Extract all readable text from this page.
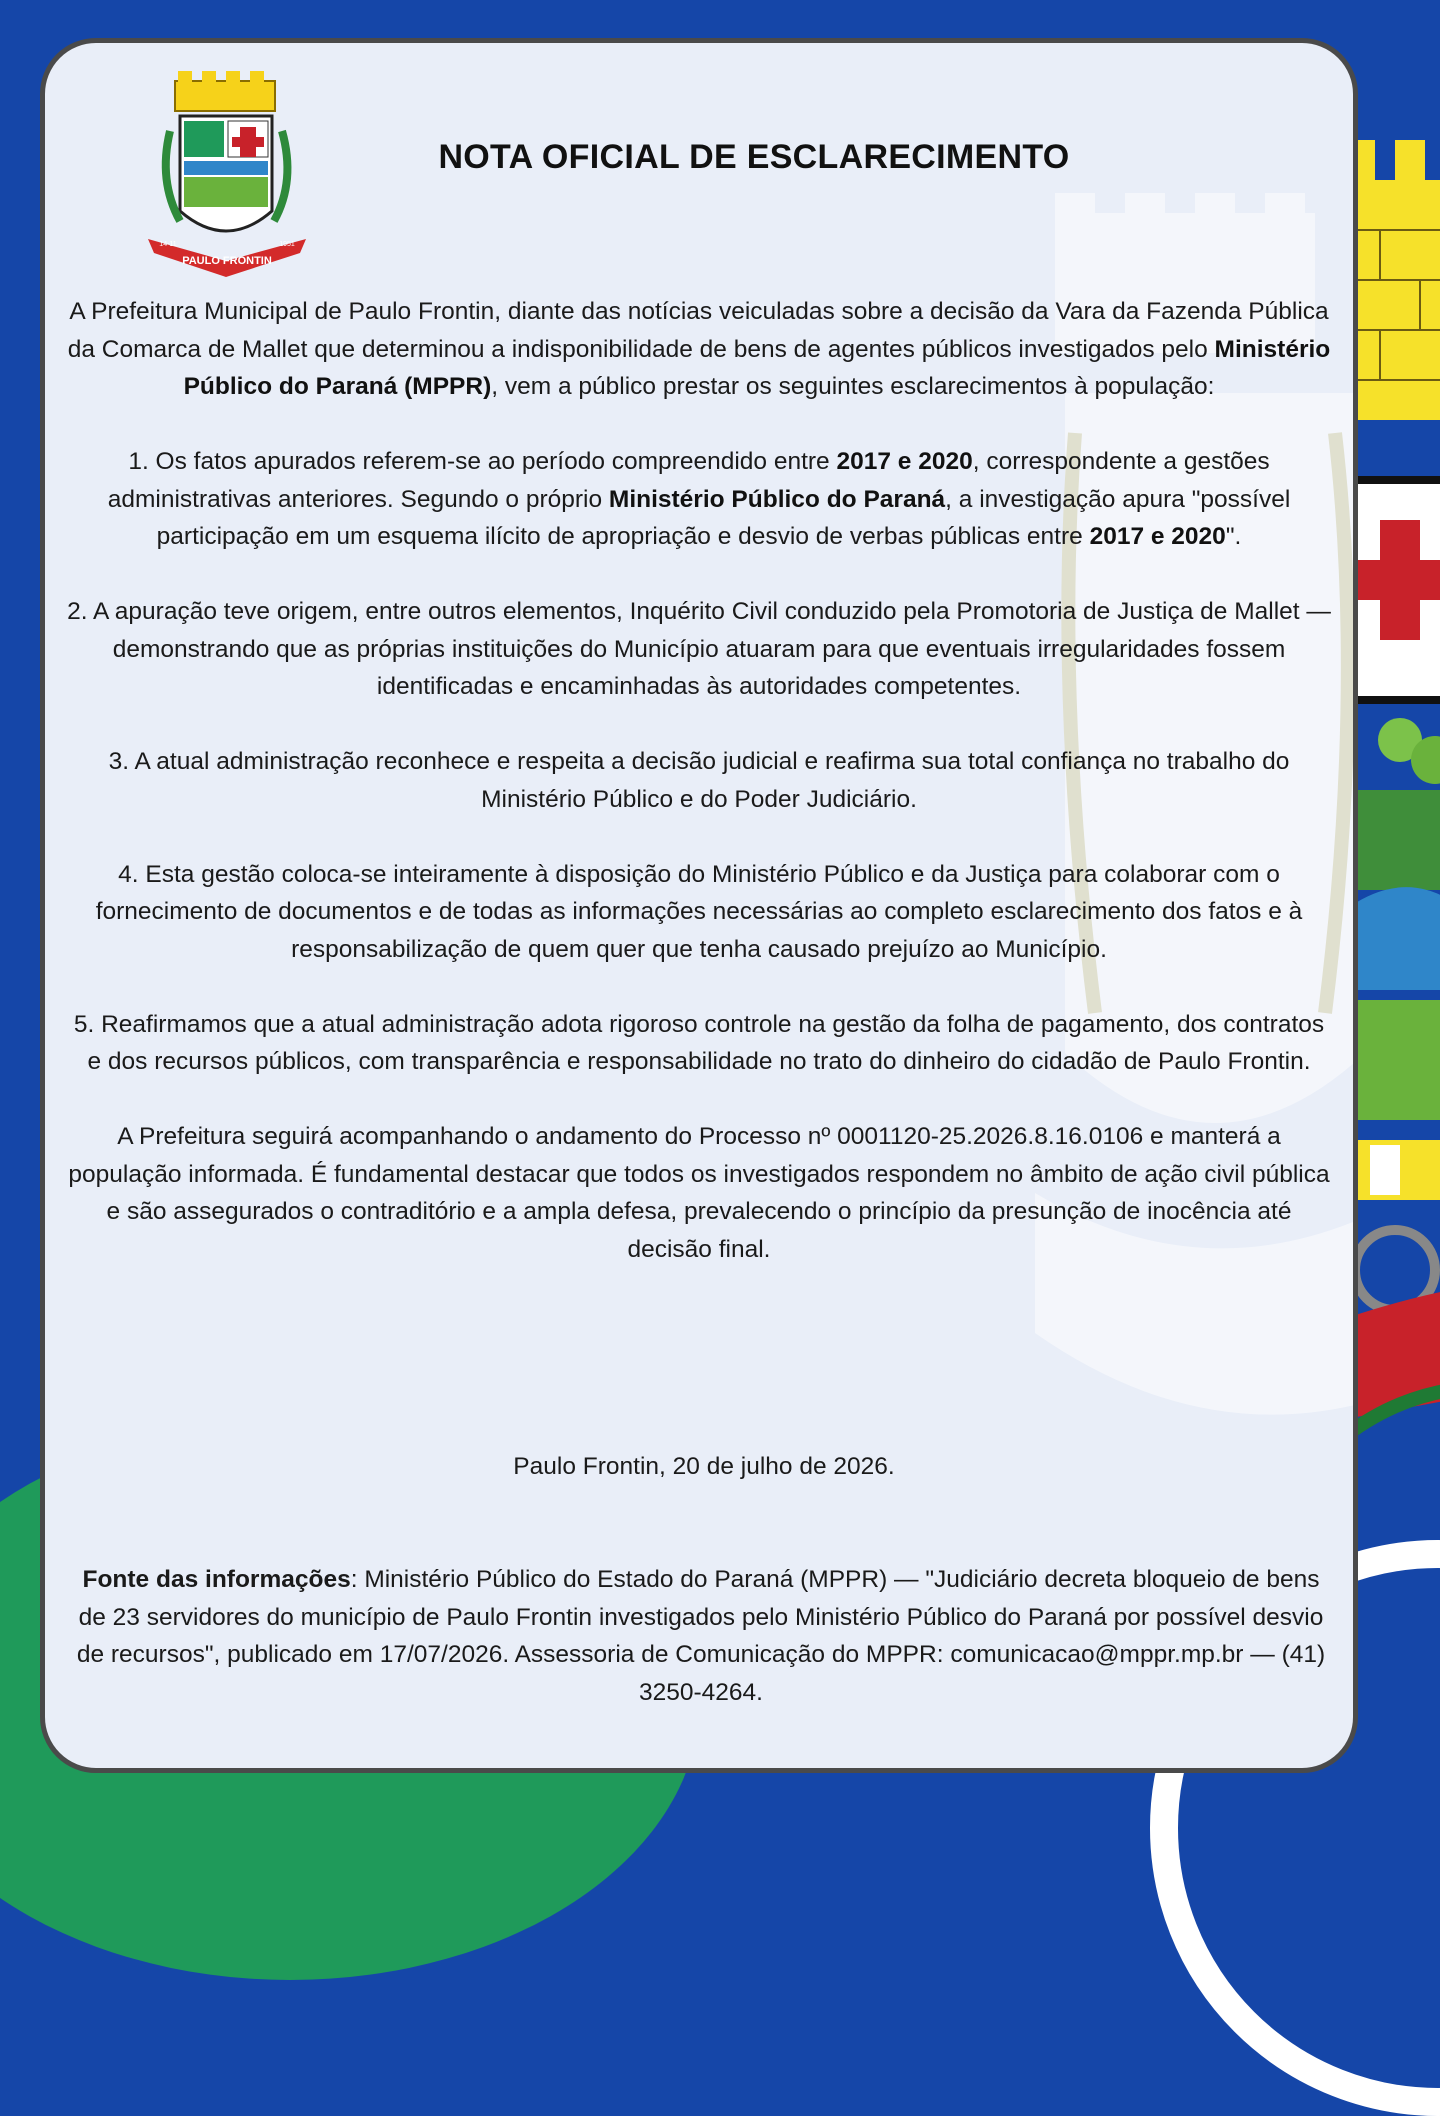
PAULO FRONTIN
14-11	1951
NOTA OFICIAL DE ESCLARECIMENTO

A Prefeitura Municipal de Paulo Frontin, diante das notícias veiculadas sobre a decisão da Vara da Fazenda Pública da Comarca de Mallet que determinou a indisponibilidade de bens de agentes públicos investigados pelo Ministério Público do Paraná (MPPR), vem a público prestar os seguintes esclarecimentos à população:

1. Os fatos apurados referem-se ao período compreendido entre 2017 e 2020, correspondente a gestões administrativas anteriores. Segundo o próprio Ministério Público do Paraná, a investigação apura "possível participação em um esquema ilícito de apropriação e desvio de verbas públicas entre 2017 e 2020".

2. A apuração teve origem, entre outros elementos, Inquérito Civil conduzido pela Promotoria de Justiça de Mallet — demonstrando que as próprias instituições do Município atuaram para que eventuais irregularidades fossem identificadas e encaminhadas às autoridades competentes.

3. A atual administração reconhece e respeita a decisão judicial e reafirma sua total confiança no trabalho do Ministério Público e do Poder Judiciário.

4. Esta gestão coloca-se inteiramente à disposição do Ministério Público e da Justiça para colaborar com o fornecimento de documentos e de todas as informações necessárias ao completo esclarecimento dos fatos e à responsabilização de quem quer que tenha causado prejuízo ao Município.

5. Reafirmamos que a atual administração adota rigoroso controle na gestão da folha de pagamento, dos contratos e dos recursos públicos, com transparência e responsabilidade no trato do dinheiro do cidadão de Paulo Frontin.

A Prefeitura seguirá acompanhando o andamento do Processo nº 0001120-25.2026.8.16.0106 e manterá a população informada. É fundamental destacar que todos os investigados respondem no âmbito de ação civil pública e são assegurados o contraditório e a ampla defesa, prevalecendo o princípio da presunção de inocência até decisão final.

Paulo Frontin, 20 de julho de 2026.
Fonte das informações: Ministério Público do Estado do Paraná (MPPR) — "Judiciário decreta bloqueio de bens de 23 servidores do município de Paulo Frontin investigados pelo Ministério Público do Paraná por possível desvio de recursos", publicado em 17/07/2026. Assessoria de Comunicação do MPPR: comunicacao@mppr.mp.br — (41) 3250-4264.
